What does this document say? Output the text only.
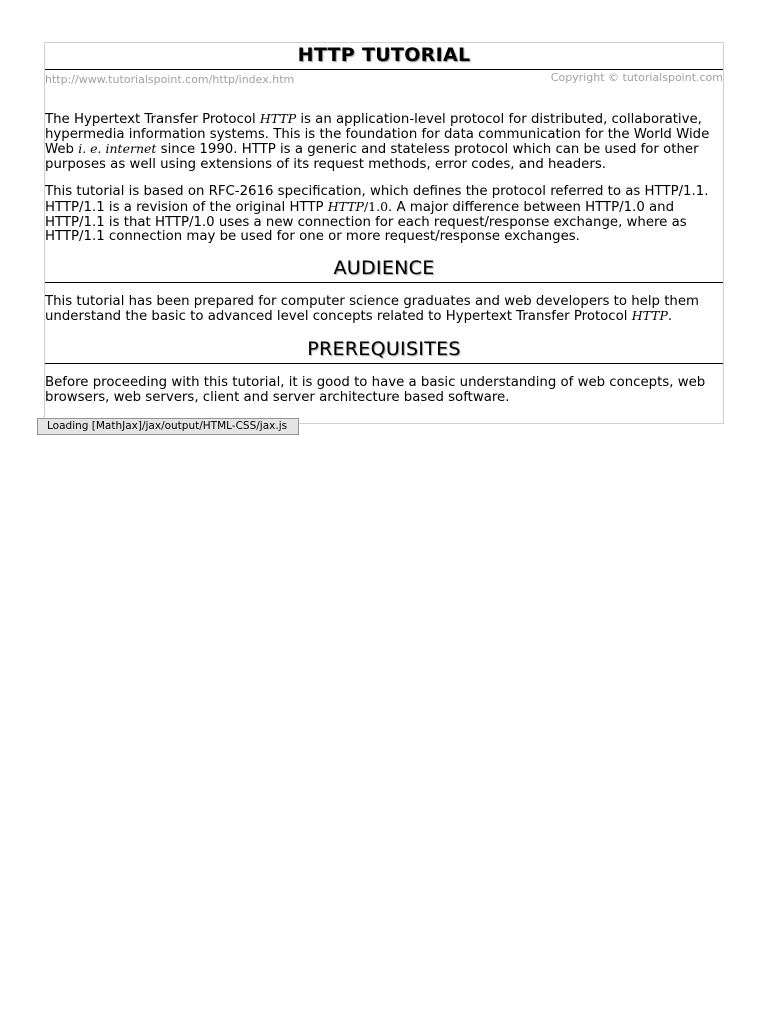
HTTP TUTORIAL
http://www.tutorialspoint.com/http/index.htm	Copyright © tutorialspoint.com

The Hypertext Transfer Protocol HTTP is an application-level protocol for distributed, collaborative, hypermedia information systems. This is the foundation for data communication for the World Wide Web i. e. internet since 1990. HTTP is a generic and stateless protocol which can be used for other purposes as well using extensions of its request methods, error codes, and headers.

This tutorial is based on RFC-2616 specification, which defines the protocol referred to as HTTP/1.1. HTTP/1.1 is a revision of the original HTTP HTTP/1.0. A major difference between HTTP/1.0 and HTTP/1.1 is that HTTP/1.0 uses a new connection for each request/response exchange, where as HTTP/1.1 connection may be used for one or more request/response exchanges.

AUDIENCE

This tutorial has been prepared for computer science graduates and web developers to help them understand the basic to advanced level concepts related to Hypertext Transfer Protocol HTTP.

PREREQUISITES

Before proceeding with this tutorial, it is good to have a basic understanding of web concepts, web browsers, web servers, client and server architecture based software.

Loading [MathJax]/jax/output/HTML-CSS/jax.js
